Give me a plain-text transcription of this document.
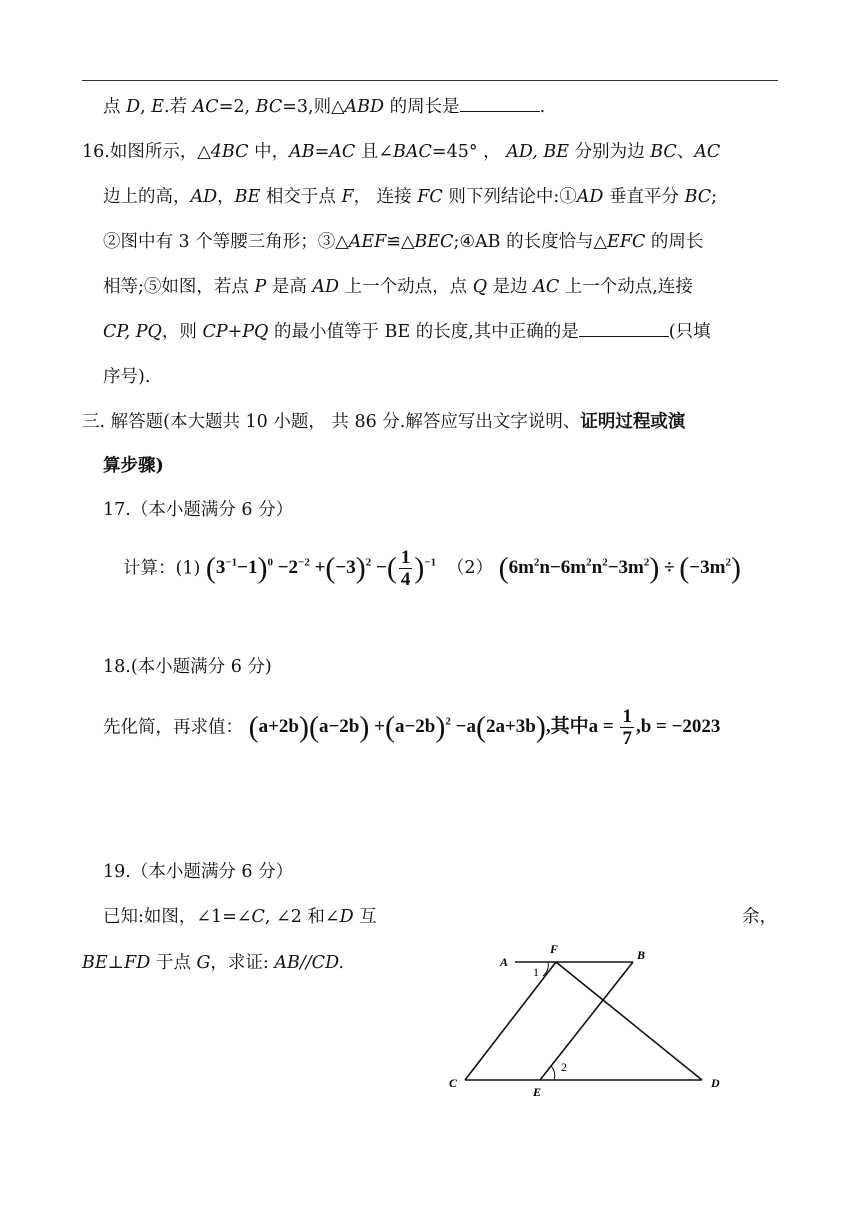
点 D, E.若 AC=2, BC=3,则△ABD 的周长是	.
16.如图所示，△4BC 中，AB=AC 且∠BAC=45° ， AD, BE 分别为边 BC、AC
边上的高，AD，BE 相交于点 F， 连接 FC 则下列结论中:①AD 垂直平分 BC;
②图中有 3 个等腰三角形；③△AEF≌△BEC;④AB 的长度恰与△EFC 的周长
相等;⑤如图，若点 P 是高 AD 上一个动点，点 Q 是边 AC 上一个动点,连接
CP, PQ，则 CP+PQ 的最小值等于 BE 的长度,其中正确的是	(只填
序号).
三. 解答题(本大题共 10 小题， 共 86 分.解答应写出文字说明、证明过程或演
算步骤)
17.（本小题满分 6 分）
计算：(1) $(3^{-1}-1)^0 -2^{-2} +(-3)^2$ −( $\frac{1}{4} )^{-1}$ （2） $(6m^2n-6m^2n^2-3m^2) \div (-3m^2)$
18.(本小题满分 6 分)
先化简，再求值： $(a+2b)(a-2b) +(a-2b)^2 -a(2a+3b)$,其中$a = \frac{1}{7} ,b = -2023$
19.（本小题满分 6 分）
已知:如图，∠1=∠C, ∠2 和∠D 互	余，
BE⊥FD 于点 G，求证: AB//CD.	A
F	B
C
E
D
1
2
